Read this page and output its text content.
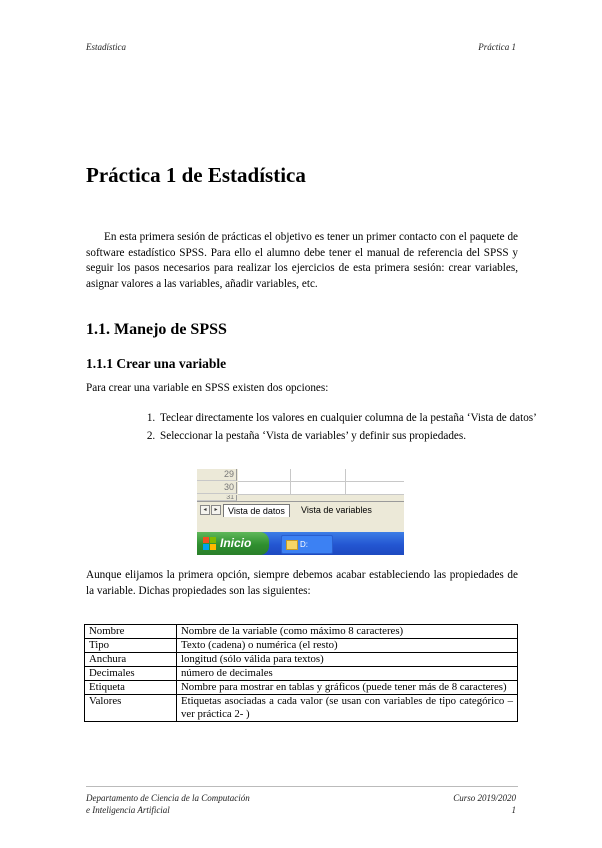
Estadística	Práctica 1
Práctica 1 de Estadística

En esta primera sesión de prácticas el objetivo es tener un primer contacto con el paquete de software estadístico SPSS. Para ello el alumno debe tener el manual de referencia del SPSS y seguir los pasos necesarios para realizar los ejercicios de esta primera sesión: crear variables, asignar valores a las variables, añadir variables, etc.

1.1. Manejo de SPSS
1.1.1 Crear una variable

Para crear una variable en SPSS existen dos opciones:

1. Teclear directamente los valores en cualquier columna de la pestaña ‘Vista de datos’
2. Seleccionar la pestaña ‘Vista de variables’ y definir sus propiedades.
29
30
31
◂	▸	Vista de datos	Vista de variables
Inicio	D:

Aunque elijamos la primera opción, siempre debemos acabar estableciendo las propiedades de la variable. Dichas propiedades son las siguientes:

Nombre	Nombre de la variable (como máximo 8 caracteres)
Tipo	Texto (cadena) o numérica (el resto)
Anchura	longitud (sólo válida para textos)
Decimales	número de decimales
Etiqueta	Nombre para mostrar en tablas y gráficos (puede tener más de 8 caracteres)
Valores	Etiquetas asociadas a cada valor (se usan con variables de tipo categórico –ver práctica 2- )
Departamento de Ciencia de la Computación
e Inteligencia Artificial
Curso 2019/2020
1
